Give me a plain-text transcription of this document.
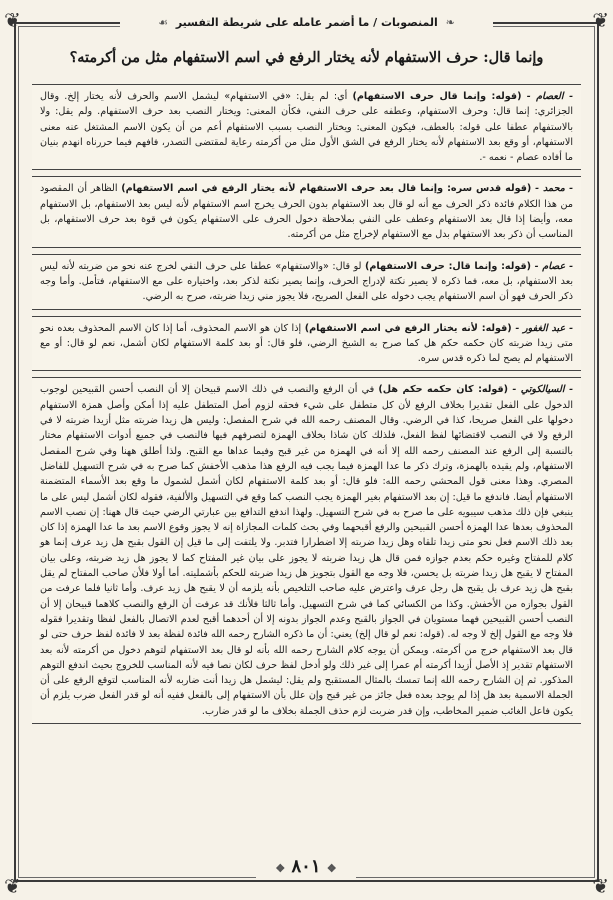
❦	❦
❦	❦
❧ المنصوبات / ما أضمر عامله على شريطة التفسير ☙
وإنما قال: حرف الاستفهام لأنه يختار الرفع في اسم الاستفهام مثل من أكرمته؟

- العصام - (قوله: وإنما قال حرف الاستفهام) أي: لم يقل: «في الاستفهام» ليشمل الاسم والحرف لأنه يختار إلخ. وقال الجزائري: إنما قال: وحرف الاستفهام، وعطفه على حرف النفي، فكأن المعنى: ويختار النصب بعد حرف الاستفهام. ولم يقل: ولا بالاستفهام عطفا على قوله: بالعطف، فيكون المعنى: ويختار النصب بسبب الاستفهام أعم من أن يكون الاسم المشتغل عنه معنى الاستفهام، أو وقع بعد الاستفهام لأنه يختار الرفع في الشق الأول مثل من أكرمته رعاية لمقتضى التصدر، فافهم فيما حررناه انهدم بنيان ما أفاده عصام - نعمه -.

- محمد - (قوله قدس سره: وإنما قال بعد حرف الاستفهام لأنه يختار الرفع في اسم الاستفهام) الظاهر أن المقصود من هذا الكلام فائدة ذكر الحرف مع أنه لو قال بعد الاستفهام بدون الحرف يخرج اسم الاستفهام لأنه ليس بعد الاستفهام، بل الاستفهام معه، وأيضا إذا قال بعد الاستفهام وعطف على النفي بملاحظة دخول الحرف على الاستفهام يكون في قوة بعد حرف الاستفهام، بل المناسب أن ذكر بعد الاستفهام بدل مع الاستفهام لإخراج مثل من أكرمته.

- عصام - (قوله: وإنما قال: حرف الاستفهام) لو قال: «والاستفهام» عطفا على حرف النفي لخرج عنه نحو من ضربته لأنه ليس بعد الاستفهام، بل معه، فما ذكره لا يصير نكتة لإدراج الحرف، وإنما يصير نكتة لذكر بعد، واختياره على مع الاستفهام، فتأمل. وأما وجه ذكر الحرف فهو أن اسم الاستفهام يجب دخوله على الفعل الصريح، فلا يجوز مني زيدا ضربته، صرح به الرضي.

- عبد الغفور - (قوله: لأنه يختار الرفع في اسم الاستفهام) إذا كان هو الاسم المحذوف، أما إذا كان الاسم المحذوف بعده نحو متى زيدا ضربته كان حكمه حكم هل كما صرح به الشيخ الرضي، فلو قال: أو بعد كلمة الاستفهام لكان أشمل، نعم لو قال: أو مع الاستفهام لم يصح لما ذكره قدس سره.

- السيالكوتي - (قوله: كان حكمه حكم هل) في أن الرفع والنصب في ذلك الاسم قبيحان إلا أن النصب أحسن القبيحين لوجوب الدخول على الفعل تقديرا بخلاف الرفع لأن كل متطفل على شيء فحقه لزوم أصل المتطفل عليه إذا أمكن وأصل همزة الاستفهام دخولها على الفعل صريحا، كذا في الرضي. وقال المصنف رحمه الله في شرح المفصل: وليس هل زيدا ضربته مثل أزيدا ضربته لا في الرفع ولا في النصب لاقتضائها لفظ الفعل، فلذلك كان شاذا بخلاف الهمزة لتصرفهم فيها فالنصب في جميع أدوات الاستفهام مختار بالنسبة إلى الرفع عند المصنف رحمه الله إلا أنه في الهمزة من غير قبح وفيما عداها مع القبح. ولذا أطلق ههنا وفي شرح المفصل الاستفهام، ولم يقيده بالهمزة، وترك ذكر ما عدا الهمزة فيما يجب فيه الرفع هذا مذهب الأخفش كما صرح به في شرح التسهيل للفاضل المصري. وهذا معنى قول المحشي رحمه الله: فلو قال: أو بعد كلمة الاستفهام لكان أشمل لشمول ما وقع بعد الأسماء المتضمنة الاستفهام أيضا. فاندفع ما قيل: إن بعد الاستفهام بغير الهمزة يجب النصب كما وقع في التسهيل والألفية، فقوله لكان أشمل ليس على ما ينبغي فإن ذلك مذهب سيبويه على ما صرح به في شرح التسهيل. ولهذا اندفع التدافع بين عبارتي الرضي حيث قال ههنا: إن نصب الاسم المحذوف بعدها عدا الهمزة أحسن القبيحين والرفع أقبحهما وفي بحث كلمات المجازاة إنه لا يجوز وقوع الاسم بعد ما عدا الهمزة إذا كان بعد ذلك الاسم فعل نحو متى زيدا تلقاه وهل زيدا ضربته إلا اضطرارا فتدبر. ولا يلتفت إلى ما قيل إن القول بقبح هل زيد عرف إنما هو كلام للمفتاح وغيره حكم بعدم جوازه فمن قال هل زيدا ضربته لا يجوز على بيان غير المفتاح كما لا يجوز هل زيد ضربته، وعلى بيان المفتاح لا يقبح هل زيدا ضربته بل يحسن، فلا وجه مع القول بتجويز هل زيدا ضربته للحكم بأشمليته. أما أولا فلأن صاحب المفتاح لم يقل بقبح هل زيد عرف بل يقبح هل رجل عرف واعترض عليه صاحب التلخيص بأنه يلزمه أن لا يقبح هل زيد عرف. وأما ثانيا فلما عرفت من القول بجوازه من الأخفش. وكذا من الكسائي كما في شرح التسهيل. وأما ثالثا فلأنك قد عرفت أن الرفع والنصب كلاهما قبيحان إلا أن النصب أحسن القبيحين فهما مستويان في الجواز بالقبح وعدم الجواز بدونه إلا أن أحدهما أقبح لعدم الاتصال بالفعل لفظا وتقديرا فقوله فلا وجه مع القول إلخ لا وجه له. (قوله: نعم لو قال إلخ) يعني: أن ما ذكره الشارح رحمه الله فائدة لفظة بعد لا فائدة لفظ حرف حتى لو قال بعد الاستفهام خرج من أكرمته. ويمكن أن يوجه كلام الشارح رحمه الله بأنه لو قال بعد الاستفهام لتوهم دخول من أكرمته لأنه بعد الاستفهام تقدير إذ الأصل أزيدا أكرمته أم عمرا إلى غير ذلك ولو أدخل لفظ حرف لكان نصا فيه لأنه المناسب للخروج بحيث اندفع التوهم المذكور. ثم إن الشارح رحمه الله إنما تمسك بالمثال المستقبح ولم يقل: ليشمل هل زيدا أنت ضاربه لأنه المناسب لتوقع الرفع على أن الجملة الاسمية بعد هل إذا لم يوجد بعده فعل جائز من غير قبح وإن علل بأن الاستفهام إلى بالفعل ففيه أنه لو قدر الفعل ضرب يلزم أن يكون فاعل الغائب ضمير المخاطب، وإن قدر ضربت لزم حذف الجملة بخلاف ما لو قدر ضارب.

❖ ٨٠١ ❖
